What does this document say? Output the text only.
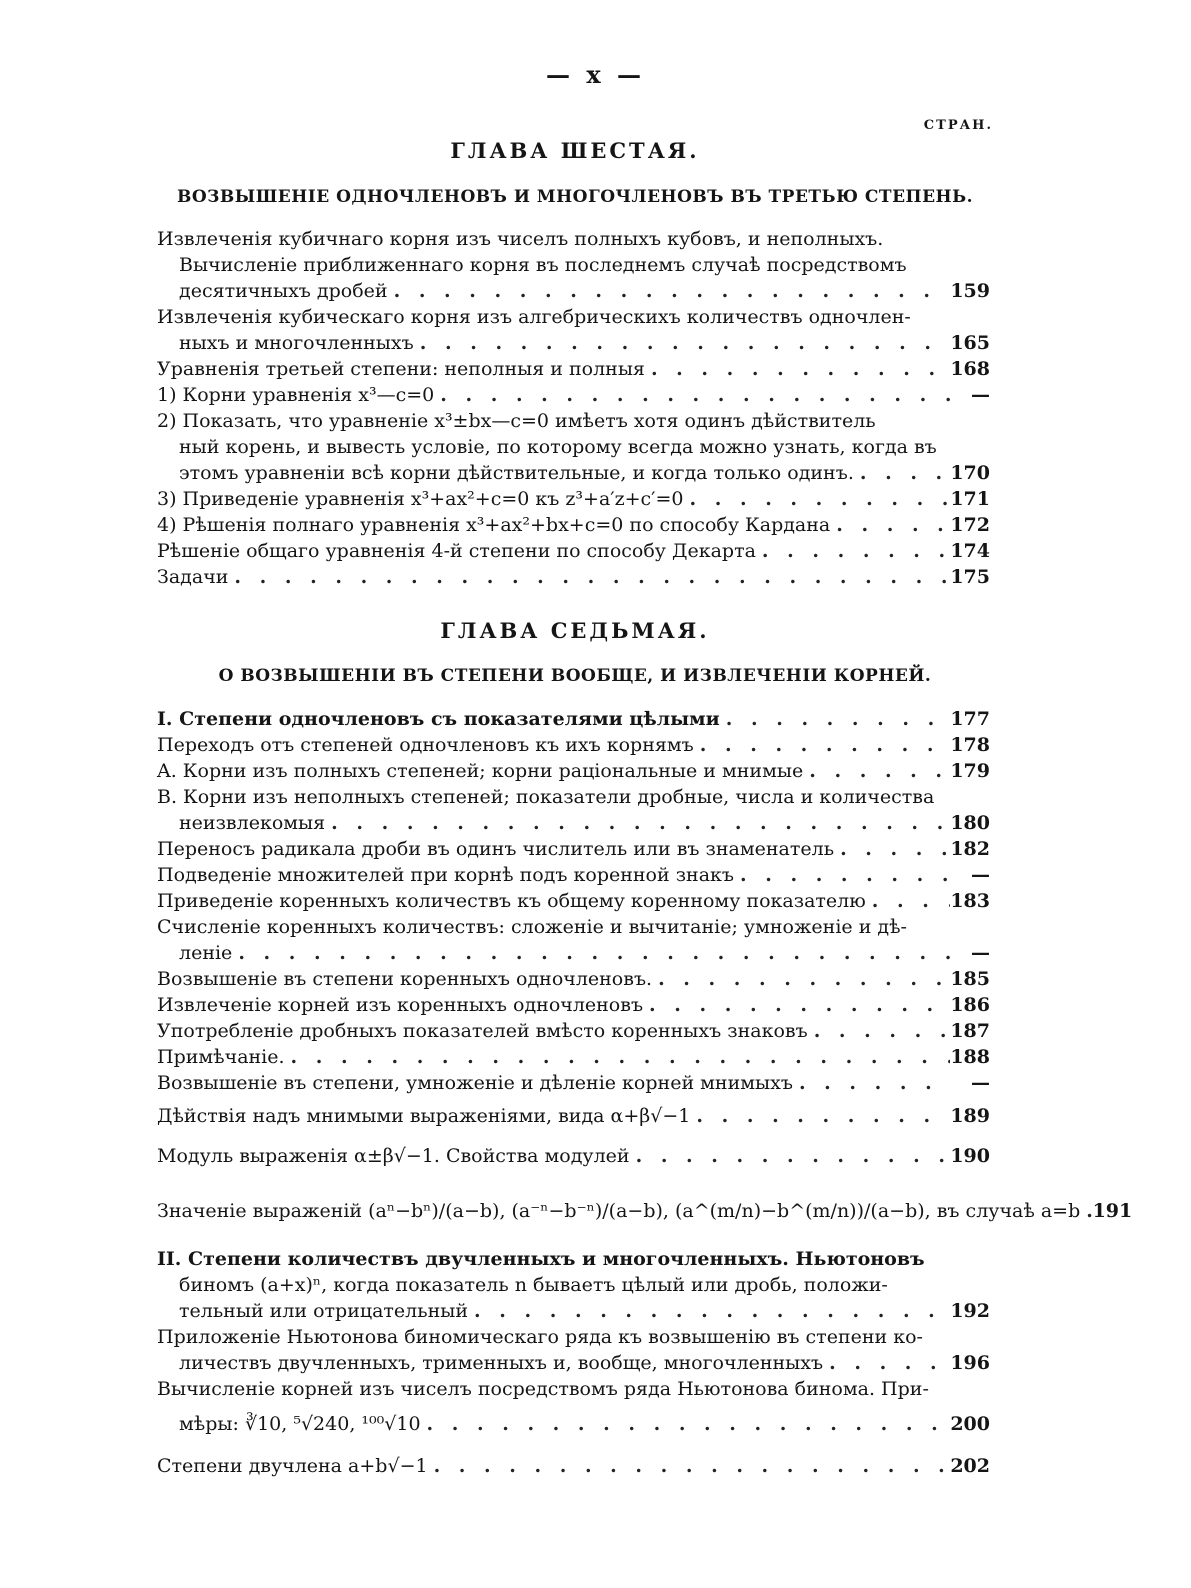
— x —
СТРАН.
ГЛАВА ШЕСТАЯ.
ВОЗВЫШЕНІЕ ОДНОЧЛЕНОВЪ И МНОГОЧЛЕНОВЪ ВЪ ТРЕТЬЮ СТЕПЕНЬ.
Извлеченія кубичнаго корня изъ чиселъ полныхъ кубовъ, и неполныхъ.
Вычисленіе приближеннаго корня въ последнемъ случаѣ посредствомъ
десятичныхъ дробей . . .	159
Извлеченія кубическаго корня изъ алгебрическихъ количествъ одночлен-
ныхъ и многочленныхъ . . .	165
Уравненія третьей степени: неполныя и полныя . . .	168
1) Корни уравненія x³—c=0 . . .	—
2) Показать, что уравненіе x³±bx—c=0 имѣетъ хотя одинъ дѣйствитель
ный корень, и вывесть условіе, по которому всегда можно узнать, когда въ
этомъ уравненіи всѣ корни дѣйствительные, и когда только одинъ. . . .	170
3) Приведеніе уравненія x³+ax²+c=0 къ z³+a′z+c′=0 . . .	171
4) Рѣшенія полнаго уравненія x³+ax²+bx+c=0 по способу Кардана . . .	172
Рѣшеніе общаго уравненія 4-й степени по способу Декарта . . .	174
Задачи . . .	175
ГЛАВА СЕДЬМАЯ.
О ВОЗВЫШЕНІИ ВЪ СТЕПЕНИ ВООБЩЕ, И ИЗВЛЕЧЕНІИ КОРНЕЙ.
I. Степени одночленовъ съ показателями цѣлыми . . .	177
Переходъ отъ степеней одночленовъ къ ихъ корнямъ . . .	178
A. Корни изъ полныхъ степеней; корни раціональные и мнимые . . .	179
B. Корни изъ неполныхъ степеней; показатели дробные, числа и количества
неизвлекомыя . . .	180
Переносъ радикала дроби въ одинъ числитель или въ знаменатель . . .	182
Подведеніе множителей при корнѣ подъ коренной знакъ . . .	—
Приведеніе коренныхъ количествъ къ общему коренному показателю . . .	183
Счисленіе коренныхъ количествъ: сложеніе и вычитаніе; умноженіе и дѣ-
леніе . . .	—
Возвышеніе въ степени коренныхъ одночленовъ. . . .	185
Извлеченіе корней изъ коренныхъ одночленовъ . . .	186
Употребленіе дробныхъ показателей вмѣсто коренныхъ знаковъ . . .	187
Примѣчаніе. . . .	188
Возвышеніе въ степени, умноженіе и дѣленіе корней мнимыхъ . . .	—
Дѣйствія надъ мнимыми выраженіями, вида α+β√−1 . . .	189
Модуль выраженія α±β√−1. Свойства модулей . . .	190
Значеніе выраженій (aⁿ−bⁿ)/(a−b), (a⁻ⁿ−b⁻ⁿ)/(a−b), (a^(m/n)−b^(m/n))/(a−b), въ случаѣ a=b . . . 191
II. Степени количествъ двучленныхъ и многочленныхъ. Ньютоновъ
биномъ (a+x)ⁿ, когда показатель n бываетъ цѣлый или дробь, положи-
тельный или отрицательный . . .	192
Приложеніе Ньютонова биномическаго ряда къ возвышенію въ степени ко-
личествъ двучленныхъ, трименныхъ и, вообще, многочленныхъ . . .	196
Вычисленіе корней изъ чиселъ посредствомъ ряда Ньютонова бинома. При-
мѣры: ∛10, ⁵√240, ¹⁰⁰√10 . . .	200
Степени двучлена a+b√−1 . . .	202
